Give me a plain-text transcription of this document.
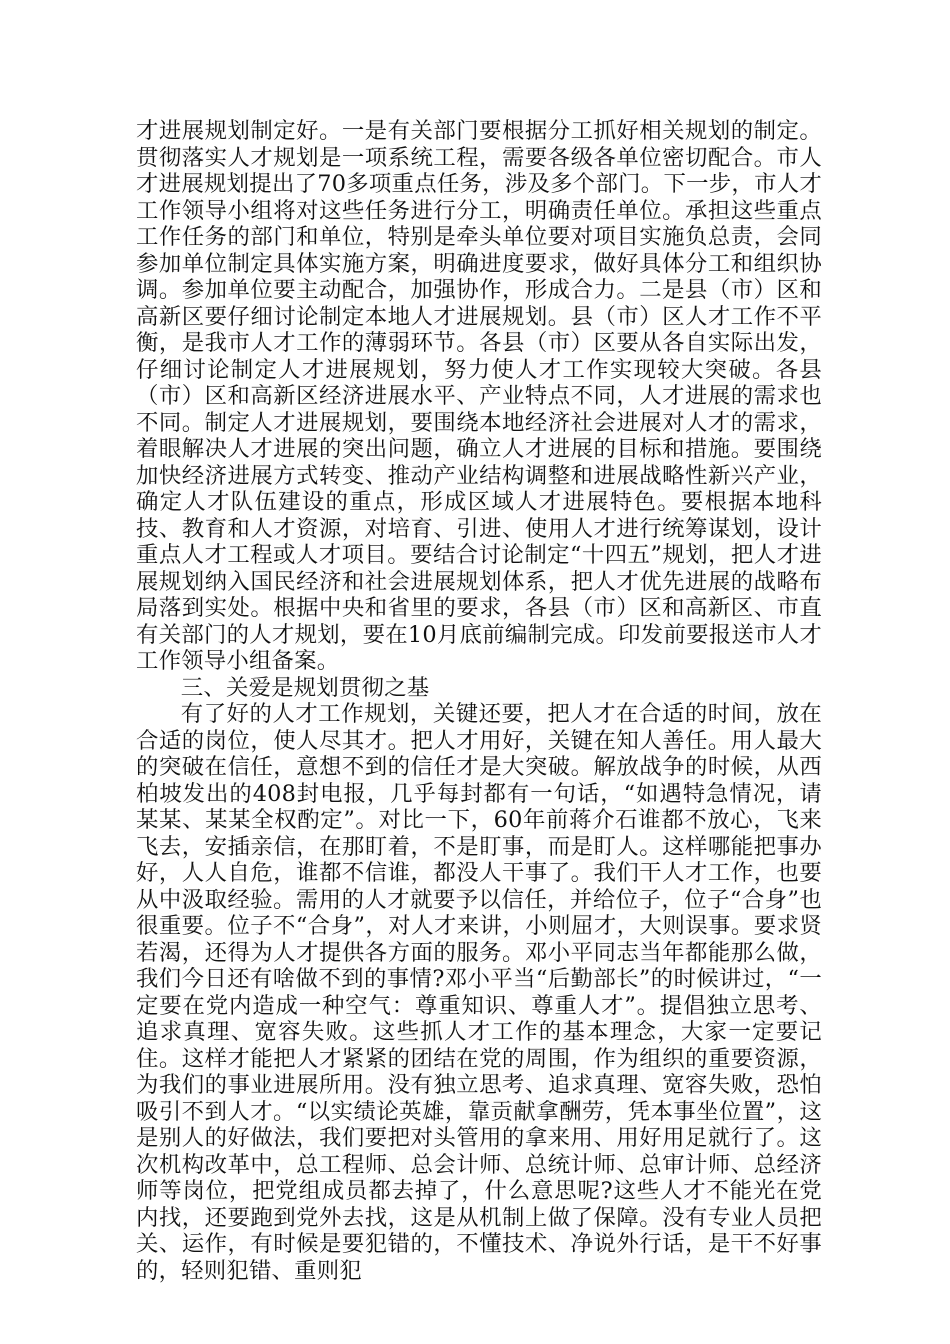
才进展规划制定好。一是有关部门要根据分工抓好相关规划的制定。贯彻落实人才规划是一项系统工程，需要各级各单位密切配合。市人才进展规划提出了70多项重点任务，涉及多个部门。下一步，市人才工作领导小组将对这些任务进行分工，明确责任单位。承担这些重点工作任务的部门和单位，特别是牵头单位要对项目实施负总责，会同参加单位制定具体实施方案，明确进度要求，做好具体分工和组织协调。参加单位要主动配合，加强协作，形成合力。二是县（市）区和高新区要仔细讨论制定本地人才进展规划。县（市）区人才工作不平衡，是我市人才工作的薄弱环节。各县（市）区要从各自实际出发，仔细讨论制定人才进展规划，努力使人才工作实现较大突破。各县（市）区和高新区经济进展水平、产业特点不同，人才进展的需求也不同。制定人才进展规划，要围绕本地经济社会进展对人才的需求，着眼解决人才进展的突出问题，确立人才进展的目标和措施。要围绕加快经济进展方式转变、推动产业结构调整和进展战略性新兴产业，确定人才队伍建设的重点，形成区域人才进展特色。要根据本地科技、教育和人才资源，对培育、引进、使用人才进行统筹谋划，设计重点人才工程或人才项目。要结合讨论制定“十四五”规划，把人才进展规划纳入国民经济和社会进展规划体系，把人才优先进展的战略布局落到实处。根据中央和省里的要求，各县（市）区和高新区、市直有关部门的人才规划，要在10月底前编制完成。印发前要报送市人才工作领导小组备案。

三、关爱是规划贯彻之基

有了好的人才工作规划，关键还要，把人才在合适的时间，放在合适的岗位，使人尽其才。把人才用好，关键在知人善任。用人最大的突破在信任，意想不到的信任才是大突破。解放战争的时候，从西柏坡发出的408封电报，几乎每封都有一句话，“如遇特急情况，请某某、某某全权酌定”。对比一下，60年前蒋介石谁都不放心，飞来飞去，安插亲信，在那盯着，不是盯事，而是盯人。这样哪能把事办好，人人自危，谁都不信谁，都没人干事了。我们干人才工作，也要从中汲取经验。需用的人才就要予以信任，并给位子，位子“合身”也很重要。位子不“合身”，对人才来讲，小则屈才，大则误事。要求贤若渴，还得为人才提供各方面的服务。邓小平同志当年都能那么做，我们今日还有啥做不到的事情?邓小平当“后勤部长”的时候讲过，“一定要在党内造成一种空气：尊重知识、尊重人才”。提倡独立思考、追求真理、宽容失败。这些抓人才工作的基本理念，大家一定要记住。这样才能把人才紧紧的团结在党的周围，作为组织的重要资源，为我们的事业进展所用。没有独立思考、追求真理、宽容失败，恐怕吸引不到人才。“以实绩论英雄，靠贡献拿酬劳，凭本事坐位置”，这是别人的好做法，我们要把对头管用的拿来用、用好用足就行了。这次机构改革中，总工程师、总会计师、总统计师、总审计师、总经济师等岗位，把党组成员都去掉了，什么意思呢?这些人才不能光在党内找，还要跑到党外去找，这是从机制上做了保障。没有专业人员把关、运作，有时候是要犯错的，不懂技术、净说外行话，是干不好事的，轻则犯错、重则犯
